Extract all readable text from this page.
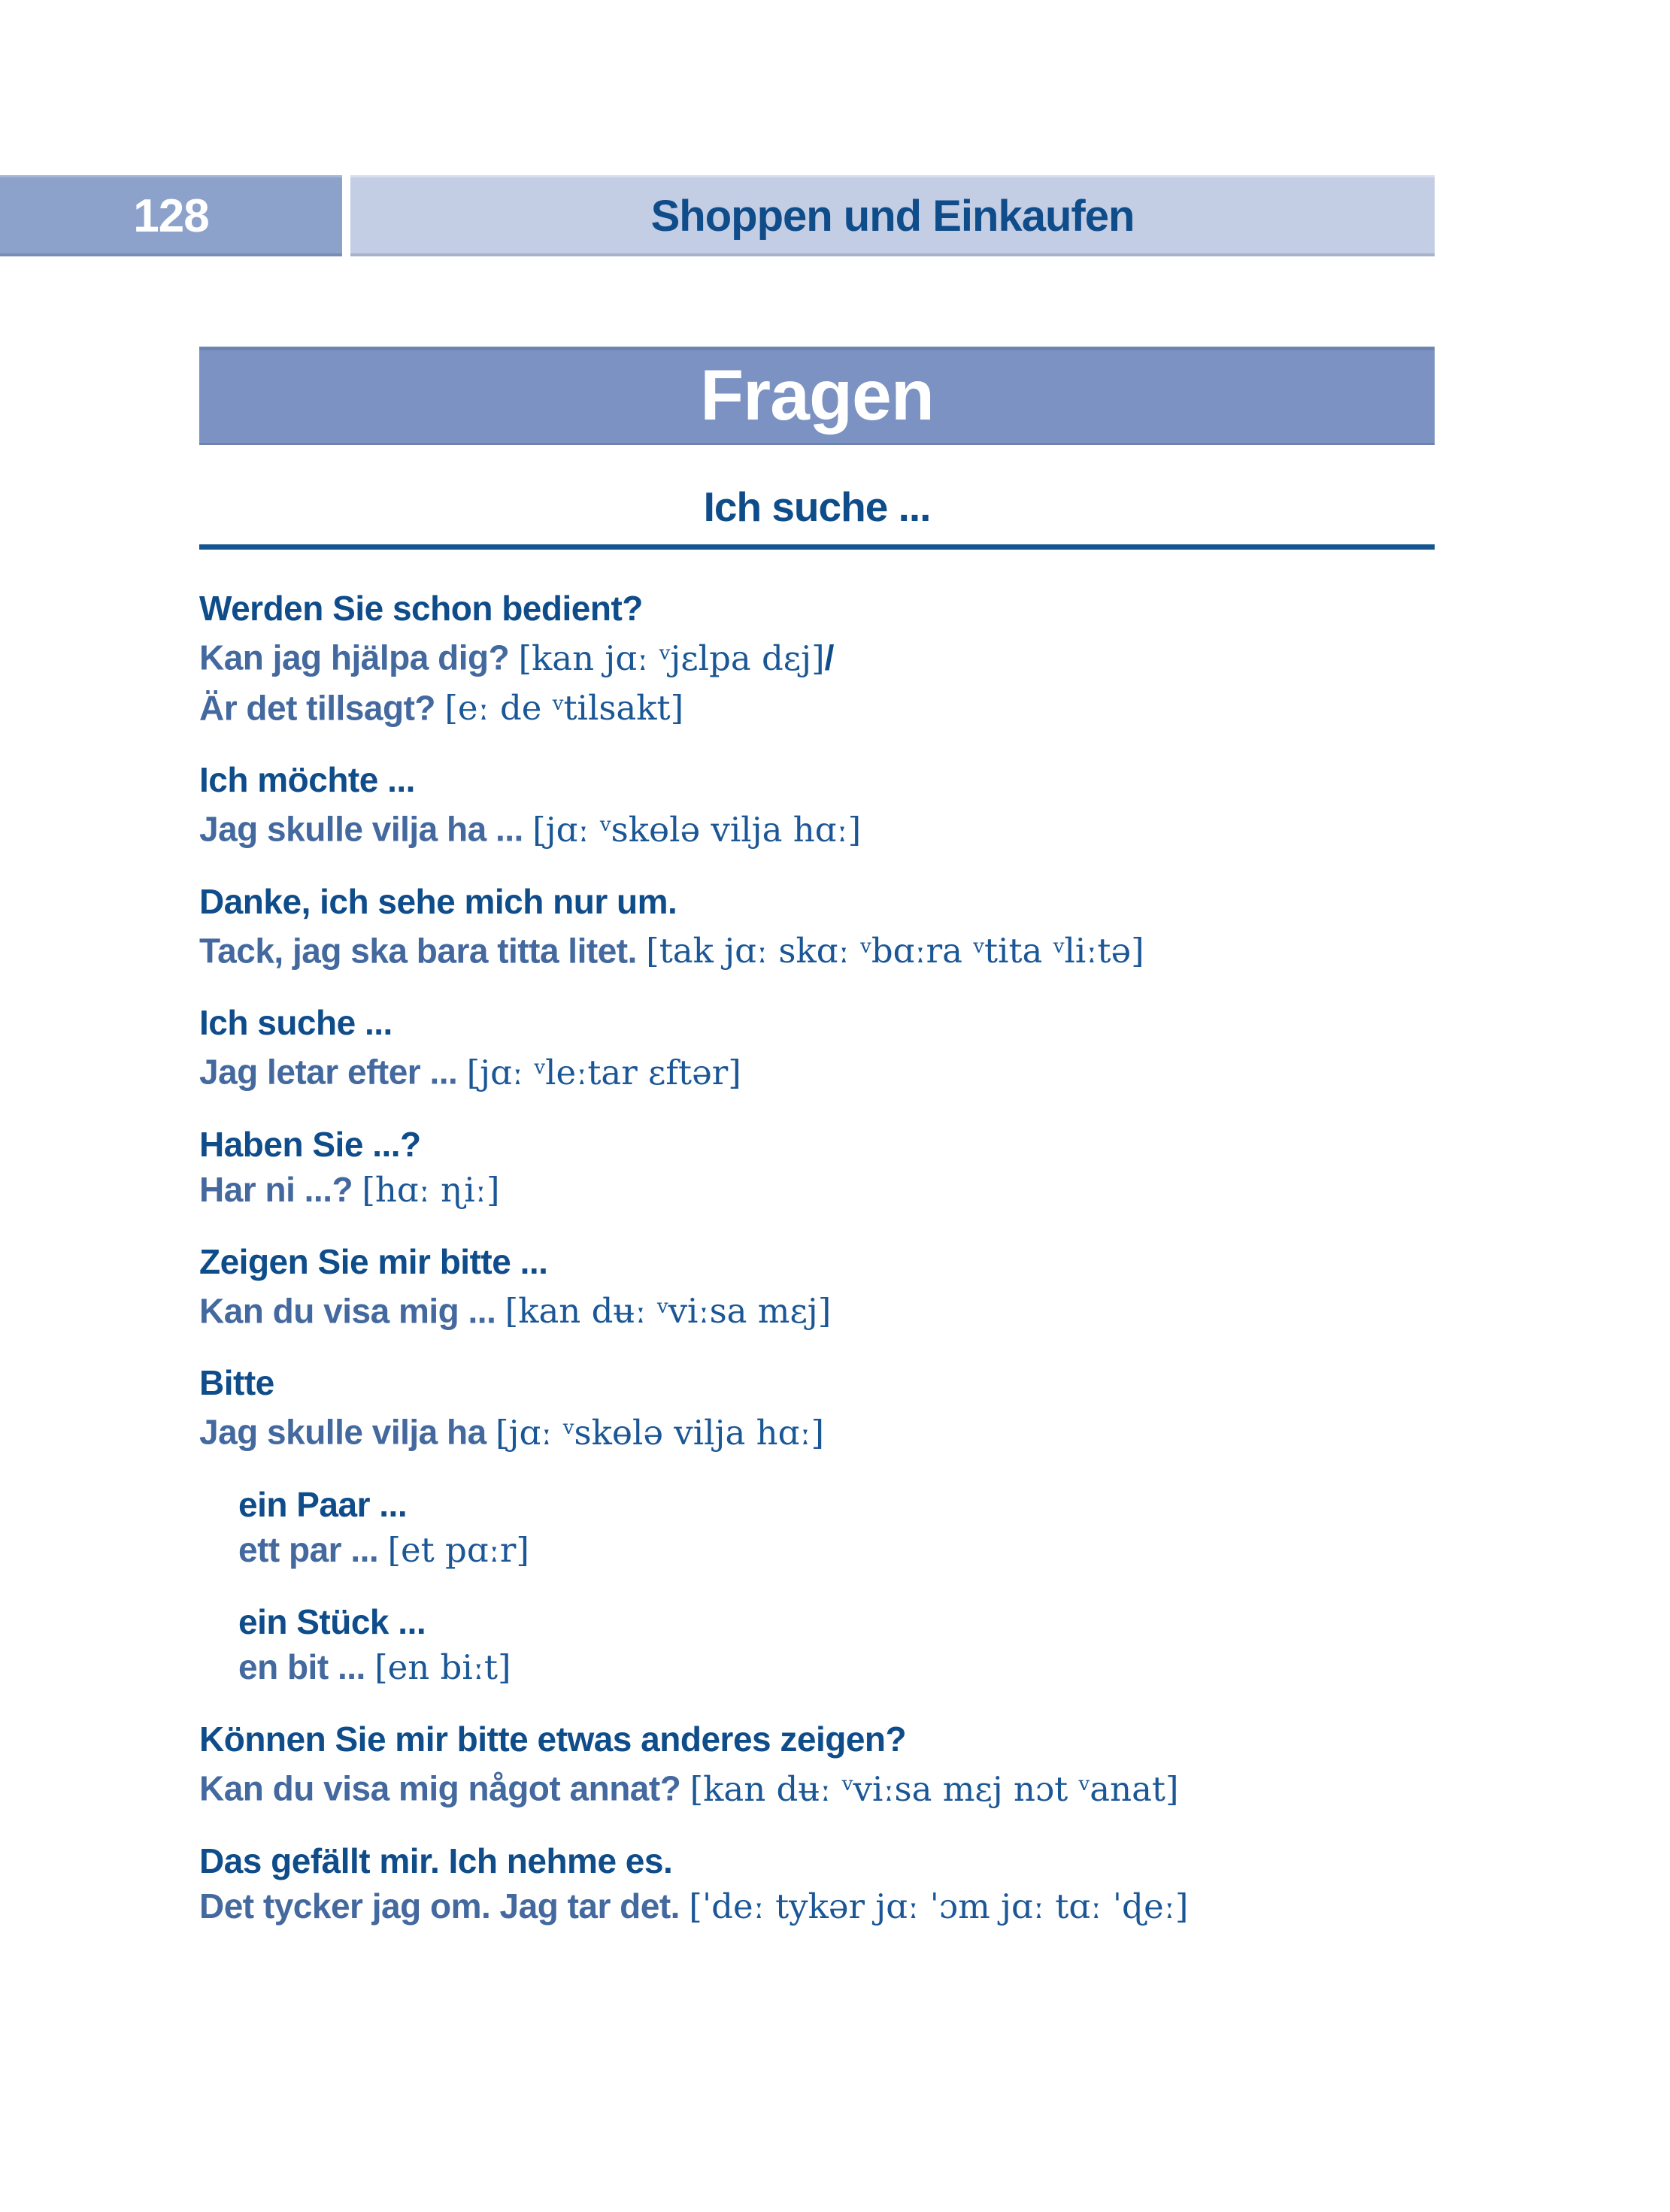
128	Shoppen und Einkaufen
Fragen
Ich suche ...
Werden Sie schon bedient?
Kan jag hjälpa dig? [kan jɑː vjɛlpa dɛj]/
Är det tillsagt? [eː de vtilsakt]
Ich möchte ...
Jag skulle vilja ha ... [jɑː vskɵlə vilja hɑː]
Danke, ich sehe mich nur um.
Tack, jag ska bara titta litet. [tak jɑː skɑː vbɑːra vtita vliːtə]
Ich suche ...
Jag letar efter ... [jɑː vleːtar ɛftər]
Haben Sie ...?
Har ni ...? [hɑː ɳiː]
Zeigen Sie mir bitte ...
Kan du visa mig ... [kan dʉː vviːsa mɛj]
Bitte
Jag skulle vilja ha [jɑː vskɵlə vilja hɑː]
ein Paar ...
ett par ... [et pɑːr]
ein Stück ...
en bit ... [en biːt]
Können Sie mir bitte etwas anderes zeigen?
Kan du visa mig något annat? [kan dʉː vviːsa mɛj nɔt vanat]
Das gefällt mir. Ich nehme es.
Det tycker jag om. Jag tar det. [ˈdeː tykər jɑː ˈɔm jɑː tɑː ˈɖeː]
